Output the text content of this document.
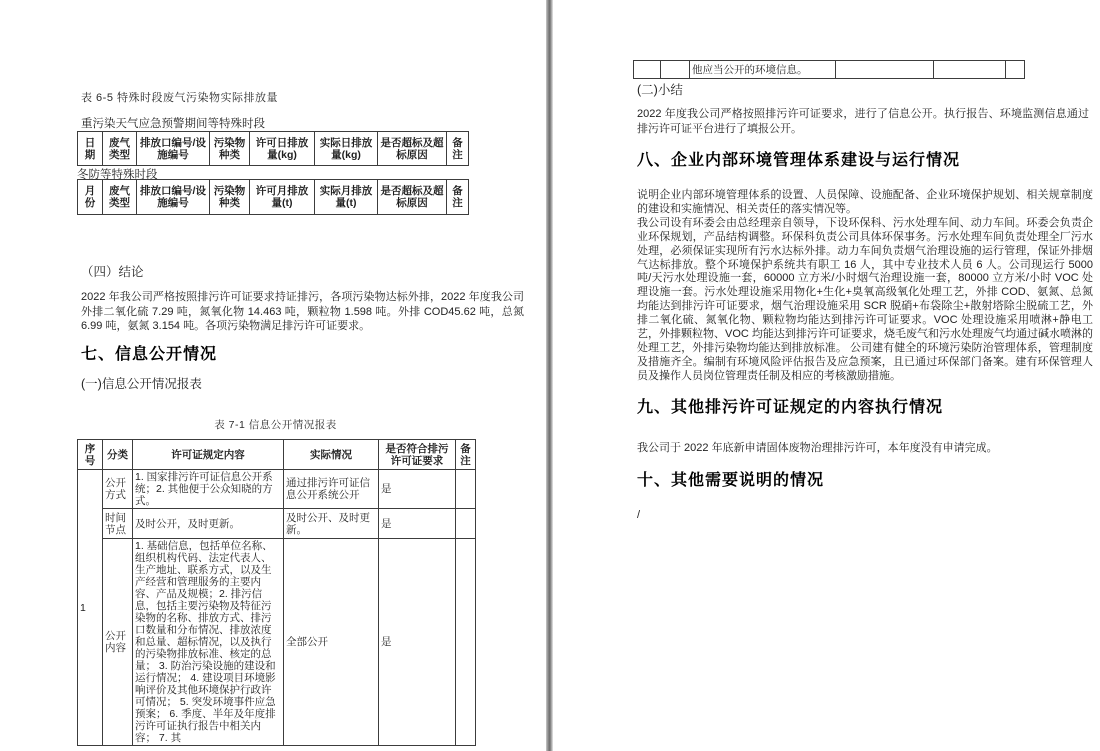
表 6-5 特殊时段废气污染物实际排放量
重污染天气应急预警期间等特殊时段
日期	废气类型	排放口编号/设施编号	污染物种类	许可日排放量(kg)	实际日排放量(kg)	是否超标及超标原因	备注
冬防等特殊时段
月份	废气类型	排放口编号/设施编号	污染物种类	许可月排放量(t)	实际月排放量(t)	是否超标及超标原因	备注
（四）结论
2022 年我公司严格按照排污许可证要求持证排污，各项污染物达标外排，2022 年度我公司外排二氧化硫 7.29 吨，氮氧化物 14.463 吨，颗粒物 1.598 吨。外排 COD45.62 吨，总氮 6.99 吨，氨氮 3.154 吨。各项污染物满足排污许可证要求。
七、信息公开情况
(一)信息公开情况报表
表 7-1 信息公开情况报表
序号	分类	许可证规定内容	实际情况	是否符合排污许可证要求	备注
1	公开方式	1. 国家排污许可证信息公开系统；2. 其他便于公众知晓的方式。	通过排污许可证信息公开系统公开	是	
	时间节点	及时公开，及时更新。	及时公开、及时更新。	是	
	公开内容	1. 基础信息，包括单位名称、组织机构代码、法定代表人、生产地址、联系方式，以及生产经营和管理服务的主要内容、产品及规模；2. 排污信息，包括主要污染物及特征污染物的名称、排放方式、排污口数量和分布情况、排放浓度和总量、超标情况，以及执行的污染物排放标准、核定的总量； 3. 防治污染设施的建设和运行情况； 4. 建设项目环境影响评价及其他环境保护行政许可情况； 5. 突发环境事件应急预案； 6. 季度、半年及年度排污许可证执行报告中相关内容； 7. 其	全部公开	是	
		他应当公开的环境信息。			
(二)小结
2022 年度我公司严格按照排污许可证要求，进行了信息公开。执行报告、环境监测信息通过排污许可证平台进行了填报公开。
八、企业内部环境管理体系建设与运行情况
说明企业内部环境管理体系的设置、人员保障、设施配备、企业环境保护规划、相关规章制度的建设和实施情况、相关责任的落实情况等。
我公司设有环委会由总经理亲自领导，下设环保科、污水处理车间、动力车间。环委会负责企业环保规划，产品结构调整。环保科负责公司具体环保事务。污水处理车间负责处理全厂污水处理，必须保证实现所有污水达标外排。动力车间负责烟气治理设施的运行管理，保证外排烟气达标排放。整个环境保护系统共有职工 16 人，其中专业技术人员 6 人。公司现运行 5000 吨/天污水处理设施一套，60000 立方米/小时烟气治理设施一套，80000 立方米/小时 VOC 处理设施一套。污水处理设施采用物化+生化+臭氧高级氧化处理工艺，外排 COD、氨氮、总氮均能达到排污许可证要求，烟气治理设施采用 SCR 脱硝+布袋除尘+散射塔除尘脱硫工艺，外排二氧化硫、氮氧化物、颗粒物均能达到排污许可证要求。VOC 处理设施采用喷淋+静电工艺，外排颗粒物、VOC 均能达到排污许可证要求，烧毛废气和污水处理废气均通过碱水喷淋的处理工艺，外排污染物均能达到排放标准。 公司建有健全的环境污染防治管理体系，管理制度及措施齐全。编制有环境风险评估报告及应急预案，且已通过环保部门备案。建有环保管理人员及操作人员岗位管理责任制及相应的考核激励措施。
九、其他排污许可证规定的内容执行情况
我公司于 2022 年底新申请固体废物治理排污许可，本年度没有申请完成。
十、其他需要说明的情况
/
